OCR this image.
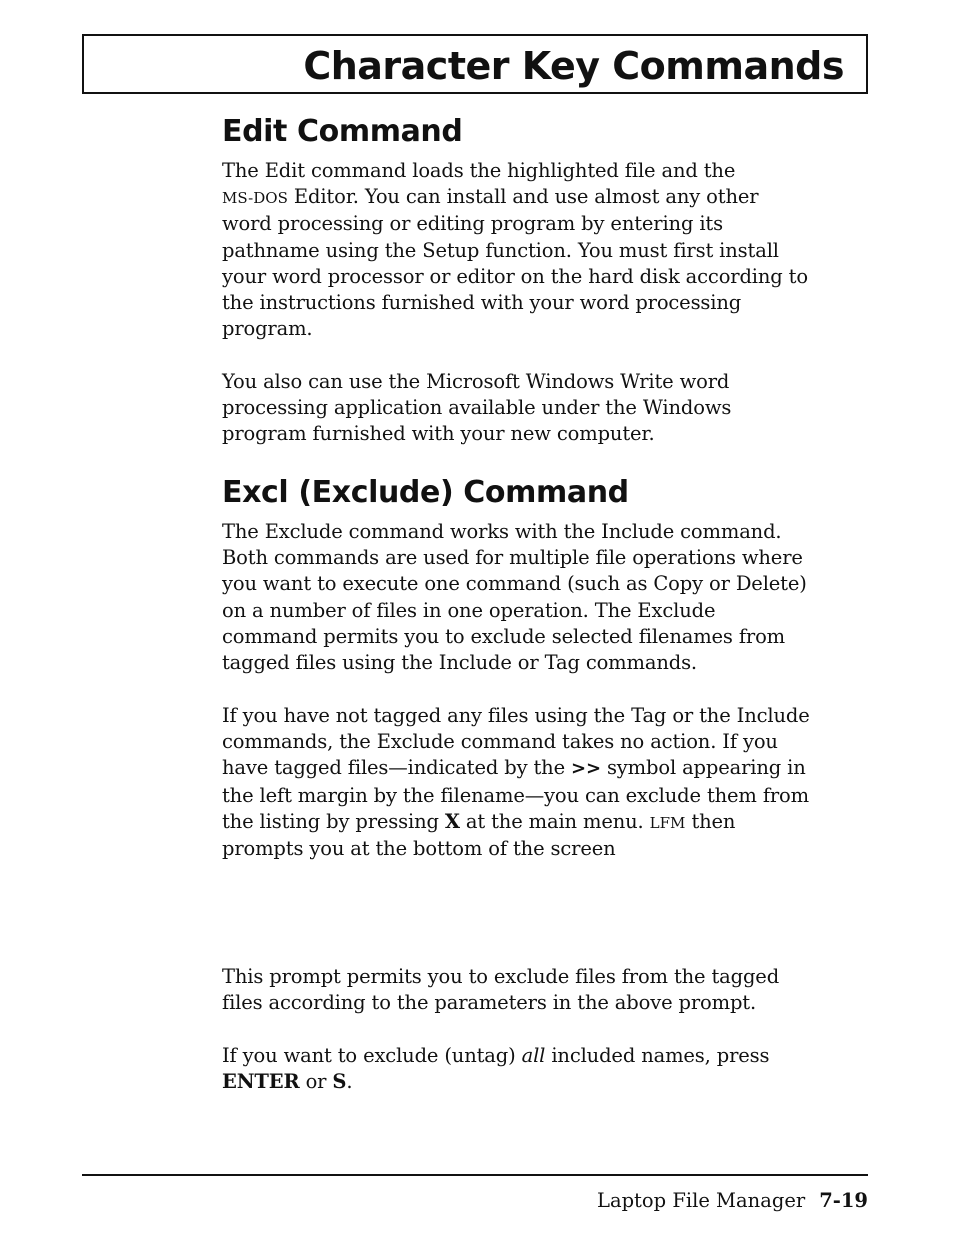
Character Key Commands
Edit Command

The Edit command loads the highlighted file and the
MS-DOS Editor. You can install and use almost any other
word processing or editing program by entering its
pathname using the Setup function. You must first install
your word processor or editor on the hard disk according to
the instructions furnished with your word processing
program.

You also can use the Microsoft Windows Write word
processing application available under the Windows
program furnished with your new computer.

Excl (Exclude) Command

The Exclude command works with the Include command.
Both commands are used for multiple file operations where
you want to execute one command (such as Copy or Delete)
on a number of files in one operation. The Exclude
command permits you to exclude selected filenames from
tagged files using the Include or Tag commands.

If you have not tagged any files using the Tag or the Include
commands, the Exclude command takes no action. If you
have tagged files—indicated by the >> symbol appearing in
the left margin by the filename—you can exclude them from
the listing by pressing X at the main menu. LFM then
prompts you at the bottom of the screen

This prompt permits you to exclude files from the tagged
files according to the parameters in the above prompt.

If you want to exclude (untag) all included names, press
ENTER or S.

Laptop File Manager 7-19
